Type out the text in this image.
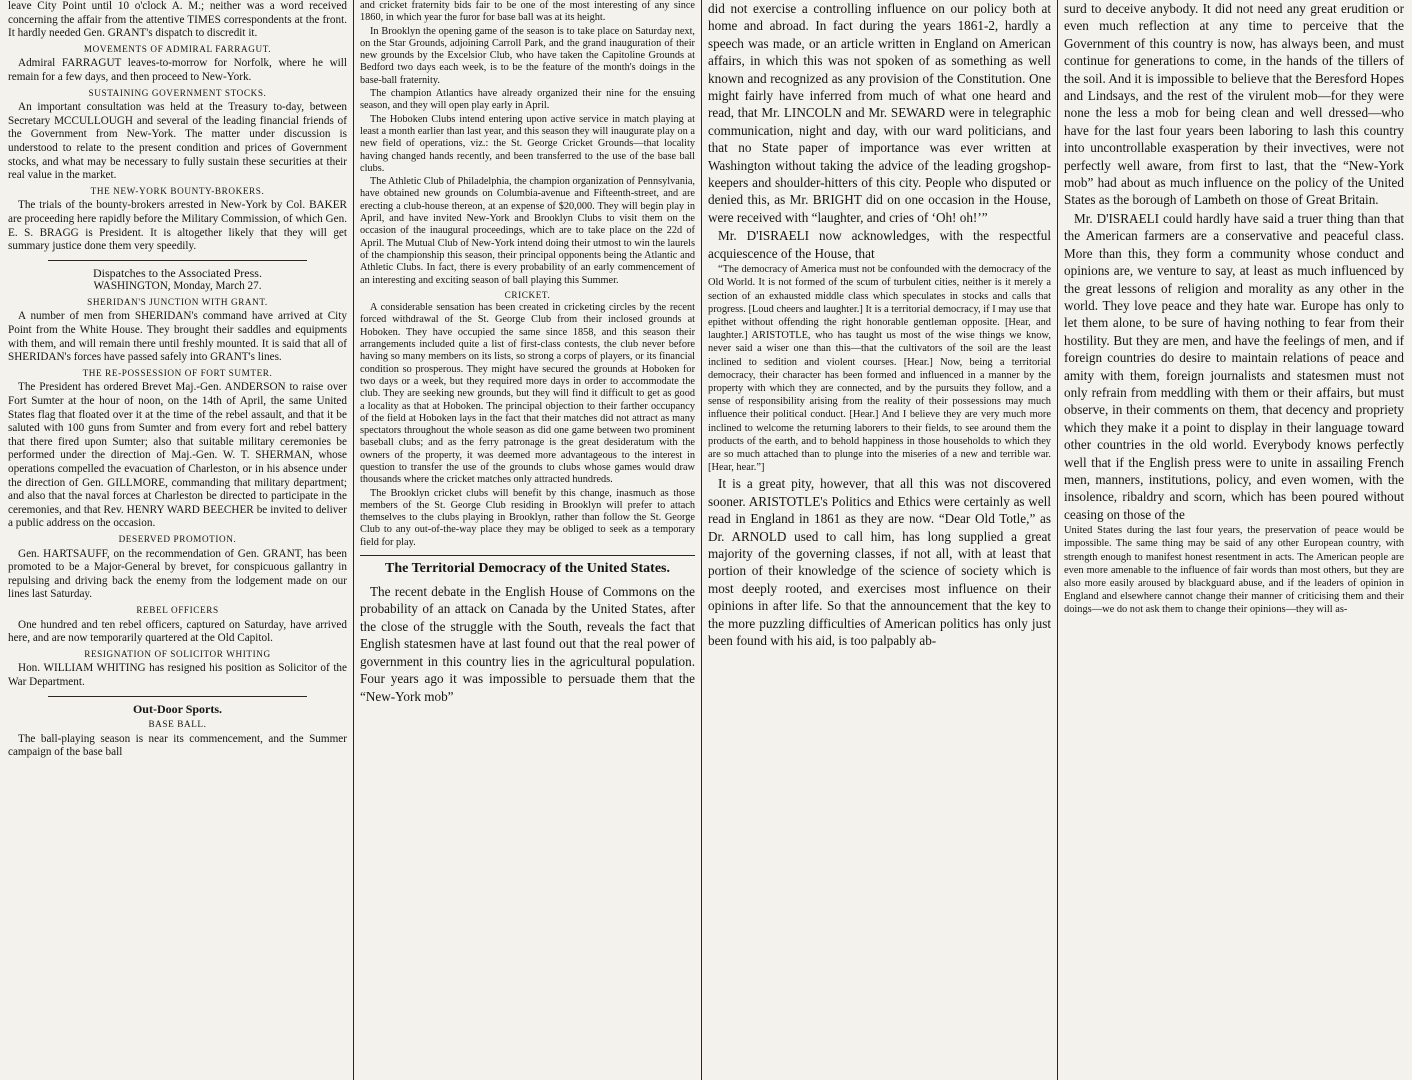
leave City Point until 10 o'clock A. M.; neither was a word received concerning the affair from the attentive TIMES correspondents at the front. It hardly needed Gen. GRANT's dispatch to discredit it.

MOVEMENTS OF ADMIRAL FARRAGUT.

Admiral FARRAGUT leaves-to-morrow for Norfolk, where he will remain for a few days, and then proceed to New-York.

SUSTAINING GOVERNMENT STOCKS.

An important consultation was held at the Treasury to-day, between Secretary MCCULLOUGH and several of the leading financial friends of the Government from New-York. The matter under discussion is understood to relate to the present condition and prices of Government stocks, and what may be necessary to fully sustain these securities at their real value in the market.

THE NEW-YORK BOUNTY-BROKERS.

The trials of the bounty-brokers arrested in New-York by Col. BAKER are proceeding here rapidly before the Military Commission, of which Gen. E. S. BRAGG is President. It is altogether likely that they will get summary justice done them very speedily.

Dispatches to the Associated Press.
WASHINGTON, Monday, March 27.
SHERIDAN'S JUNCTION WITH GRANT.

A number of men from SHERIDAN's command have arrived at City Point from the White House. They brought their saddles and equipments with them, and will remain there until freshly mounted. It is said that all of SHERIDAN's forces have passed safely into GRANT's lines.

THE RE-POSSESSION OF FORT SUMTER.

The President has ordered Brevet Maj.-Gen. ANDERSON to raise over Fort Sumter at the hour of noon, on the 14th of April, the same United States flag that floated over it at the time of the rebel assault, and that it be saluted with 100 guns from Sumter and from every fort and rebel battery that there fired upon Sumter; also that suitable military ceremonies be performed under the direction of Maj.-Gen. W. T. SHERMAN, whose operations compelled the evacuation of Charleston, or in his absence under the direction of Gen. GILLMORE, commanding that military department; and also that the naval forces at Charleston be directed to participate in the ceremonies, and that Rev. HENRY WARD BEECHER be invited to deliver a public address on the occasion.

DESERVED PROMOTION.

Gen. HARTSAUFF, on the recommendation of Gen. GRANT, has been promoted to be a Major-General by brevet, for conspicuous gallantry in repulsing and driving back the enemy from the lodgement made on our lines last Saturday.

REBEL OFFICERS

One hundred and ten rebel officers, captured on Saturday, have arrived here, and are now temporarily quartered at the Old Capitol.

RESIGNATION OF SOLICITOR WHITING

Hon. WILLIAM WHITING has resigned his position as Solicitor of the War Department.

Out-Door Sports.
BASE BALL.

The ball-playing season is near its commencement, and the Summer campaign of the base ball

and cricket fraternity bids fair to be one of the most interesting of any since 1860, in which year the furor for base ball was at its height.

In Brooklyn the opening game of the season is to take place on Saturday next, on the Star Grounds, adjoining Carroll Park, and the grand inauguration of their new grounds by the Excelsior Club, who have taken the Capitoline Grounds at Bedford two days each week, is to be the feature of the month's doings in the base-ball fraternity.

The champion Atlantics have already organized their nine for the ensuing season, and they will open play early in April.

The Hoboken Clubs intend entering upon active service in match playing at least a month earlier than last year, and this season they will inaugurate play on a new field of operations, viz.: the St. George Cricket Grounds—that locality having changed hands recently, and been transferred to the use of the base ball clubs.

The Athletic Club of Philadelphia, the champion organization of Pennsylvania, have obtained new grounds on Columbia-avenue and Fifteenth-street, and are erecting a club-house thereon, at an expense of $20,000. They will begin play in April, and have invited New-York and Brooklyn Clubs to visit them on the occasion of the inaugural proceedings, which are to take place on the 22d of April. The Mutual Club of New-York intend doing their utmost to win the laurels of the championship this season, their principal opponents being the Atlantic and Athletic Clubs. In fact, there is every probability of an early commencement of an interesting and exciting season of ball playing this Summer.

CRICKET.

A considerable sensation has been created in cricketing circles by the recent forced withdrawal of the St. George Club from their inclosed grounds at Hoboken. They have occupied the same since 1858, and this season their arrangements included quite a list of first-class contests, the club never before having so many members on its lists, so strong a corps of players, or its financial condition so prosperous. They might have secured the grounds at Hoboken for two days or a week, but they required more days in order to accommodate the club. They are seeking new grounds, but they will find it difficult to get as good a locality as that at Hoboken. The principal objection to their farther occupancy of the field at Hoboken lays in the fact that their matches did not attract as many spectators throughout the whole season as did one game between two prominent baseball clubs; and as the ferry patronage is the great desideratum with the owners of the property, it was deemed more advantageous to the interest in question to transfer the use of the grounds to clubs whose games would draw thousands where the cricket matches only attracted hundreds.

The Brooklyn cricket clubs will benefit by this change, inasmuch as those members of the St. George Club residing in Brooklyn will prefer to attach themselves to the clubs playing in Brooklyn, rather than follow the St. George Club to any out-of-the-way place they may be obliged to seek as a temporary field for play.

The Territorial Democracy of the United States.

The recent debate in the English House of Commons on the probability of an attack on Canada by the United States, after the close of the struggle with the South, reveals the fact that English statesmen have at last found out that the real power of government in this country lies in the agricultural population. Four years ago it was impossible to persuade them that the “New-York mob”

did not exercise a controlling influence on our policy both at home and abroad. In fact during the years 1861-2, hardly a speech was made, or an article written in England on American affairs, in which this was not spoken of as something as well known and recognized as any provision of the Constitution. One might fairly have inferred from much of what one heard and read, that Mr. LINCOLN and Mr. SEWARD were in telegraphic communication, night and day, with our ward politicians, and that no State paper of importance was ever written at Washington without taking the advice of the leading grogshop-keepers and shoulder-hitters of this city. People who disputed or denied this, as Mr. BRIGHT did on one occasion in the House, were received with “laughter, and cries of ‘Oh! oh!’”

Mr. D'ISRAELI now acknowledges, with the respectful acquiescence of the House, that

“The democracy of America must not be confounded with the democracy of the Old World. It is not formed of the scum of turbulent cities, neither is it merely a section of an exhausted middle class which speculates in stocks and calls that progress. [Loud cheers and laughter.] It is a territorial democracy, if I may use that epithet without offending the right honorable gentleman opposite. [Hear, and laughter.] ARISTOTLE, who has taught us most of the wise things we know, never said a wiser one than this—that the cultivators of the soil are the least inclined to sedition and violent courses. [Hear.] Now, being a territorial democracy, their character has been formed and influenced in a manner by the property with which they are connected, and by the pursuits they follow, and a sense of responsibility arising from the reality of their possessions may much influence their political conduct. [Hear.] And I believe they are very much more inclined to welcome the returning laborers to their fields, to see around them the products of the earth, and to behold happiness in those households to which they are so much attached than to plunge into the miseries of a new and terrible war. [Hear, hear.”]

It is a great pity, however, that all this was not discovered sooner. ARISTOTLE's Politics and Ethics were certainly as well read in England in 1861 as they are now. “Dear Old Totle,” as Dr. ARNOLD used to call him, has long supplied a great majority of the governing classes, if not all, with at least that portion of their knowledge of the science of society which is most deeply rooted, and exercises most influence on their opinions in after life. So that the announcement that the key to the more puzzling difficulties of American politics has only just been found with his aid, is too palpably ab-

surd to deceive anybody. It did not need any great erudition or even much reflection at any time to perceive that the Government of this country is now, has always been, and must continue for generations to come, in the hands of the tillers of the soil. And it is impossible to believe that the Beresford Hopes and Lindsays, and the rest of the virulent mob—for they were none the less a mob for being clean and well dressed—who have for the last four years been laboring to lash this country into uncontrollable exasperation by their invectives, were not perfectly well aware, from first to last, that the “New-York mob” had about as much influence on the policy of the United States as the borough of Lambeth on those of Great Britain.

Mr. D'ISRAELI could hardly have said a truer thing than that the American farmers are a conservative and peaceful class. More than this, they form a community whose conduct and opinions are, we venture to say, at least as much influenced by the great lessons of religion and morality as any other in the world. They love peace and they hate war. Europe has only to let them alone, to be sure of having nothing to fear from their hostility. But they are men, and have the feelings of men, and if foreign countries do desire to maintain relations of peace and amity with them, foreign journalists and statesmen must not only refrain from meddling with them or their affairs, but must observe, in their comments on them, that decency and propriety which they make it a point to display in their language toward other countries in the old world. Everybody knows perfectly well that if the English press were to unite in assailing French men, manners, institutions, policy, and even women, with the insolence, ribaldry and scorn, which has been poured without ceasing on those of the

United States during the last four years, the preservation of peace would be impossible. The same thing may be said of any other European country, with strength enough to manifest honest resentment in acts. The American people are even more amenable to the influence of fair words than most others, but they are also more easily aroused by blackguard abuse, and if the leaders of opinion in England and elsewhere cannot change their manner of criticising them and their doings—we do not ask them to change their opinions—they will as-
